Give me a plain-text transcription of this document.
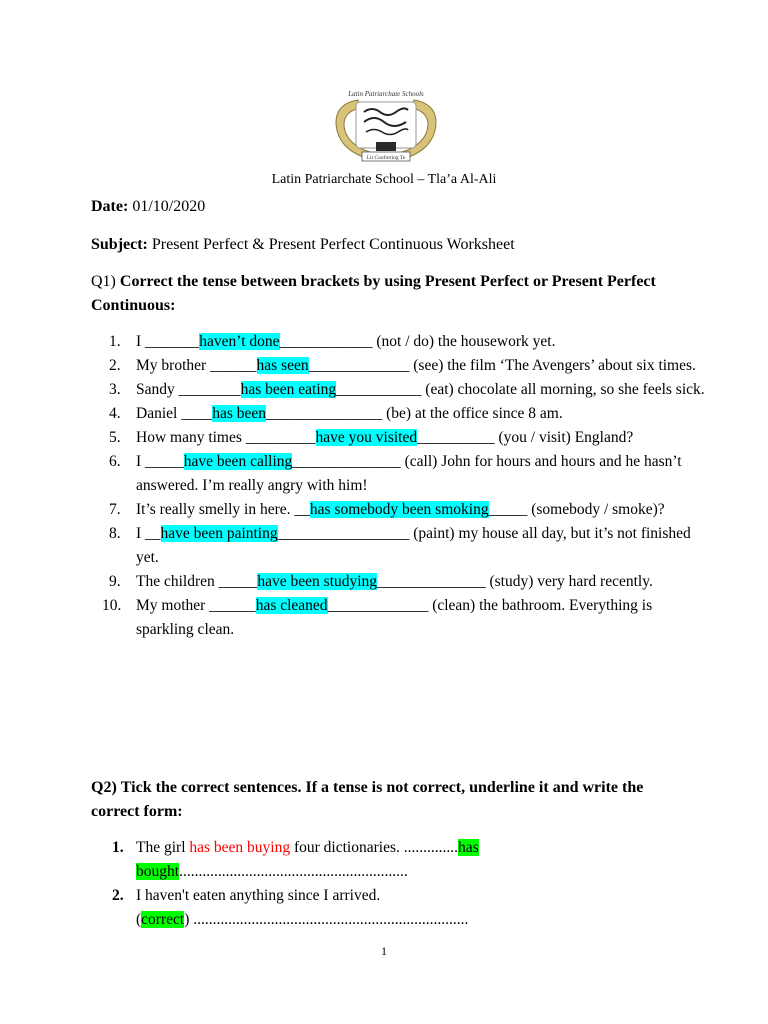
Latin Patriarchate Schools
Lit Conforting Te
Latin Patriarchate School – Tla’a Al-Ali
Date: 01/10/2020
Subject: Present Perfect & Present Perfect Continuous Worksheet
Q1) Correct the tense between brackets by using Present Perfect or Present Perfect Continuous:
1. I _______haven’t done____________ (not / do) the housework yet.
2. My brother ______has seen_____________ (see) the film ‘The Avengers’ about six times.
3. Sandy ________has been eating___________ (eat) chocolate all morning, so she feels sick.
4. Daniel ____has been_______________ (be) at the office since 8 am.
5. How many times _________have you visited__________ (you / visit) England?
6. I _____have been calling______________ (call) John for hours and hours and he hasn’t answered. I’m really angry with him!
7. It’s really smelly in here. __has somebody been smoking_____ (somebody / smoke)?
8. I __have been painting_________________ (paint) my house all day, but it’s not finished yet.
9. The children _____have been studying______________ (study) very hard recently.
10. My mother ______has cleaned_____________ (clean) the bathroom. Everything is sparkling clean.
Q2) Tick the correct sentences. If a tense is not correct, underline it and write the correct form:
1. The girl has been buying four dictionaries. ..............has bought...........................................................
2. I haven't eaten anything since I arrived.
(correct) .......................................................................
1
